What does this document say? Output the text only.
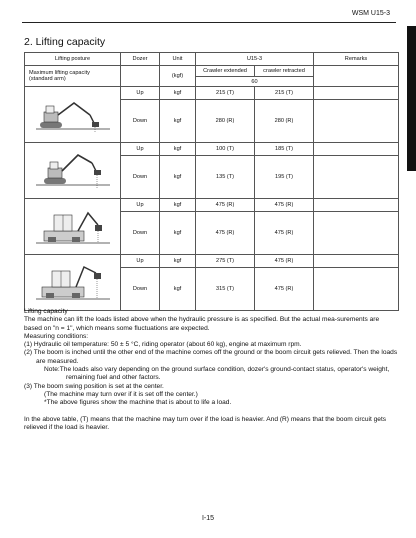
WSM U15-3
2. Lifting capacity
Lifting posture	Dozer	Unit	U15-3		Remarks
Maximum lifting capacity
(standard arm)		(kgf)	Crawler extended	crawler retracted	
			60		

	Up	kgf	215 (T)	215 (T)	
	Down	kgf	280 (R)	280 (R)	

	Up	kgf	100 (T)	185 (T)	
	Down	kgf	135 (T)	195 (T)	

	Up	kgf	475 (R)	475 (R)	
	Down	kgf	475 (R)	475 (R)	

	Up	kgf	275 (T)	475 (R)	
	Down	kgf	315 (T)	475 (R)	

Lifting capacity

The machine can lift the loads listed above when the hydraulic pressure is as specified. But the actual mea-surements are based on "n = 1", which means some fluctuations are expected.

Measuring conditions:

(1) Hydraulic oil temperature: 50 ± 5 °C, riding operator (about 60 kg), engine at maximum rpm.

(2) The boom is inched until the other end of the machine comes off the ground or the boom circuit gets relieved. Then the loads are measured.

Note:The loads also vary depending on the ground surface condition, dozer's ground-contact status, operator's weight, remaining fuel and other factors.

(3) The boom swing position is set at the center.

(The machine may turn over if it is set off the center.)

*The above figures show the machine that is about to life a load.

In the above table, (T) means that the machine may turn over if the load is heavier. And (R) means that the boom circuit gets relieved if the load is heavier.

I-15
